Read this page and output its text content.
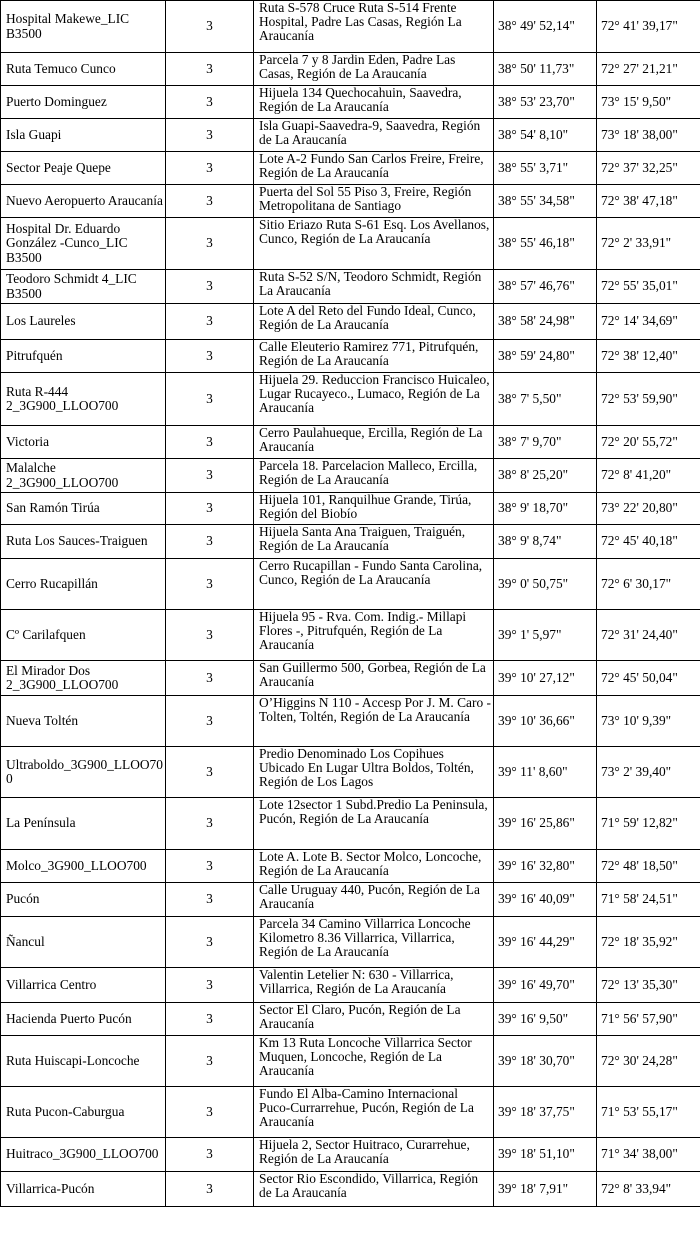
Hospital Makewe_LIC B3500	3	Ruta S-578 Cruce Ruta S-514 Frente Hospital, Padre Las Casas, Región La Araucanía	38° 49' 52,14"	72° 41' 39,17"
Ruta Temuco Cunco	3	Parcela 7 y 8 Jardin Eden, Padre Las Casas, Región de La Araucanía	38° 50' 11,73"	72° 27' 21,21"
Puerto Dominguez	3	Hijuela 134 Quechocahuin, Saavedra, Región de La Araucanía	38° 53' 23,70"	73° 15' 9,50"
Isla Guapi	3	Isla Guapi-Saavedra-9, Saavedra, Región de La Araucanía	38° 54' 8,10"	73° 18' 38,00"
Sector Peaje Quepe	3	Lote A-2 Fundo San Carlos Freire, Freire, Región de La Araucanía	38° 55' 3,71"	72° 37' 32,25"
Nuevo Aeropuerto Araucanía	3	Puerta del Sol 55 Piso 3, Freire, Región Metropolitana de Santiago	38° 55' 34,58"	72° 38' 47,18"
Hospital Dr. Eduardo González -Cunco_LIC B3500	3	Sitio Eriazo Ruta S-61 Esq. Los Avellanos, Cunco, Región de La Araucanía	38° 55' 46,18"	72° 2' 33,91"
Teodoro Schmidt 4_LIC B3500	3	Ruta S-52 S/N, Teodoro Schmidt, Región La Araucanía	38° 57' 46,76"	72° 55' 35,01"
Los Laureles	3	Lote A del Reto del Fundo Ideal, Cunco, Región de La Araucanía	38° 58' 24,98"	72° 14' 34,69"
Pitrufquén	3	Calle Eleuterio Ramirez 771, Pitrufquén, Región de La Araucanía	38° 59' 24,80"	72° 38' 12,40"
Ruta R-444 2_3G900_LLOO700	3	Hijuela 29. Reduccion Francisco Huicaleo, Lugar Rucayeco., Lumaco, Región de La Araucanía	38° 7' 5,50"	72° 53' 59,90"
Victoria	3	Cerro Paulahueque, Ercilla, Región de La Araucanía	38° 7' 9,70"	72° 20' 55,72"
Malalche 2_3G900_LLOO700	3	Parcela 18. Parcelacion Malleco, Ercilla, Región de La Araucanía	38° 8' 25,20"	72° 8' 41,20"
San Ramón Tirúa	3	Hijuela 101, Ranquilhue Grande, Tirúa, Región del Biobío	38° 9' 18,70"	73° 22' 20,80"
Ruta Los Sauces-Traiguen	3	Hijuela Santa Ana Traiguen, Traiguén, Región de La Araucanía	38° 9' 8,74"	72° 45' 40,18"
Cerro Rucapillán	3	Cerro Rucapillan - Fundo Santa Carolina, Cunco, Región de La Araucanía	39° 0' 50,75"	72° 6' 30,17"
Cº Carilafquen	3	Hijuela 95 - Rva. Com. Indig.- Millapi Flores -, Pitrufquén, Región de La Araucanía	39° 1' 5,97"	72° 31' 24,40"
El Mirador Dos 2_3G900_LLOO700	3	San Guillermo 500, Gorbea, Región de La Araucanía	39° 10' 27,12"	72° 45' 50,04"
Nueva Toltén	3	O’Higgins N 110 - Accesp Por J. M. Caro - Tolten, Toltén, Región de La Araucanía	39° 10' 36,66"	73° 10' 9,39"
Ultraboldo_3G900_LLOO700	3	Predio Denominado Los Copihues Ubicado En Lugar Ultra Boldos, Toltén, Región de Los Lagos	39° 11' 8,60"	73° 2' 39,40"
La Península	3	Lote 12sector 1 Subd.Predio La Peninsula, Pucón, Región de La Araucanía	39° 16' 25,86"	71° 59' 12,82"
Molco_3G900_LLOO700	3	Lote A. Lote B. Sector Molco, Loncoche, Región de La Araucanía	39° 16' 32,80"	72° 48' 18,50"
Pucón	3	Calle Uruguay 440, Pucón, Región de La Araucanía	39° 16' 40,09"	71° 58' 24,51"
Ñancul	3	Parcela 34 Camino Villarrica Loncoche Kilometro 8.36 Villarrica, Villarrica, Región de La Araucanía	39° 16' 44,29"	72° 18' 35,92"
Villarrica Centro	3	Valentin Letelier N: 630 - Villarrica, Villarrica, Región de La Araucanía	39° 16' 49,70"	72° 13' 35,30"
Hacienda Puerto Pucón	3	Sector El Claro, Pucón, Región de La Araucanía	39° 16' 9,50"	71° 56' 57,90"
Ruta Huiscapi-Loncoche	3	Km 13 Ruta Loncoche Villarrica Sector Muquen, Loncoche, Región de La Araucanía	39° 18' 30,70"	72° 30' 24,28"
Ruta Pucon-Caburgua	3	Fundo El Alba-Camino Internacional Puco-Currarrehue, Pucón, Región de La Araucanía	39° 18' 37,75"	71° 53' 55,17"
Huitraco_3G900_LLOO700	3	Hijuela 2, Sector Huitraco, Curarrehue, Región de La Araucanía	39° 18' 51,10"	71° 34' 38,00"
Villarrica-Pucón	3	Sector Rio Escondido, Villarrica, Región de La Araucanía	39° 18' 7,91"	72° 8' 33,94"
